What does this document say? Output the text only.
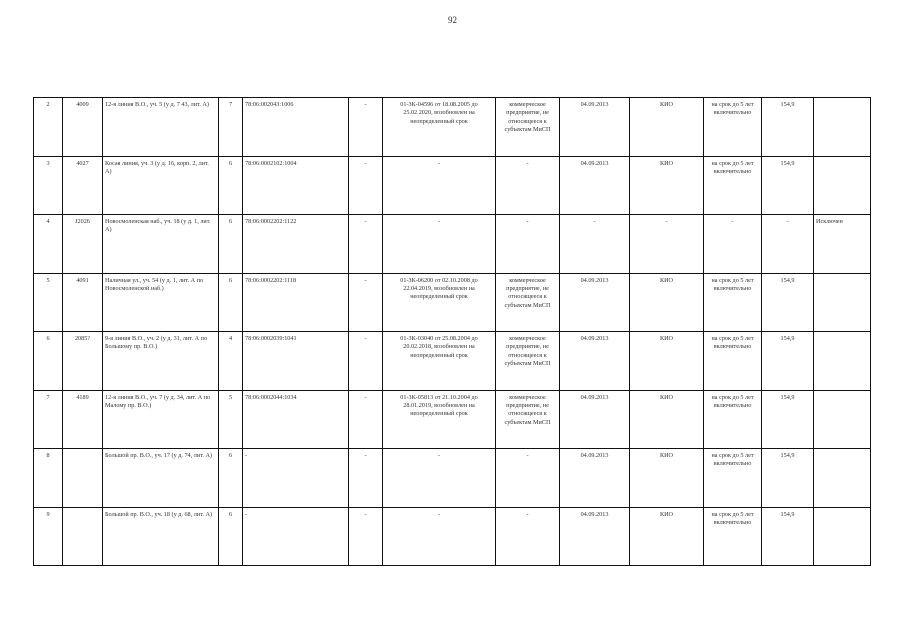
92
2	4009	12-я линия В.О., уч. 5 (у д. 7 43, лит. А)	7	78:06:00204З:1006	-	01-ЗК-04596 от 18.08.2005 до 25.02.2020, возобновлен на неопределенный срок	коммерческое предприятие, не относящееся к субъектам МиСП	04.09.2013	КИО	на срок до 5 лет включительно	154,9	
3	4027	Косая линия, уч. 3 (у д. 16, корп. 2, лит. А)	6	78:06:0002102:1004	-	-	-	04.09.2013	КИО	на срок до 5 лет включительно	154,9	
4	J2026	Новосмоленская наб., уч. 18 (у д. 1, лит. А)	6	78:06:0002202:1122	-	-	-	-	-	-	-	Исключен
5	4091	Наличная ул., уч. 54 (у д. 1, лит. А по Новосмоленской наб.)	6	78:06:0002202:1118	-	01-ЗК-06200 от 02.10.2008 до 22.04.2019, возобновлен на неопределенный срок	коммерческое предприятие, не относящееся к субъектам МиСП	04.09.2013	КИО	на срок до 5 лет включительно	154,9	
6	2085?	9-я линия В.О., уч. 2 (у д. 31, лит. А по Большому пр. В.О.)	4	78:06:0002039:1041	-	01-ЗК-03040 от 25.08.2004 до 20.02.2018, возобновлен на неопределенный срок	коммерческое предприятие, не относящееся к субъектам МиСП	04.09.2013	КИО	на срок до 5 лет включительно	154,9	
7	4189	12-я линия В.О., уч. 7 (у д. 34, лит. А по Малому пр. В.О.)	5	78:06:0002044:1034	-	01-ЗК-05813 от 21.10.2004 до 28.01.2019, возобновлен на неопределенный срок	коммерческое предприятие, не относящееся к субъектам МиСП	04.09.2013	КИО	на срок до 5 лет включительно	154,9	
8		Большой пр. В.О., уч. 17 (у д. 74, лит. А)	6	-	-	-	-	04.09.2013	КИО	на срок до 5 лет включительно	154,9	
9		Большой пр. В.О., уч. 18 (у д. 68, лит. А)	6	-	-	-	-	04.09.2013	КИО	на срок до 5 лет включительно	154,9	
